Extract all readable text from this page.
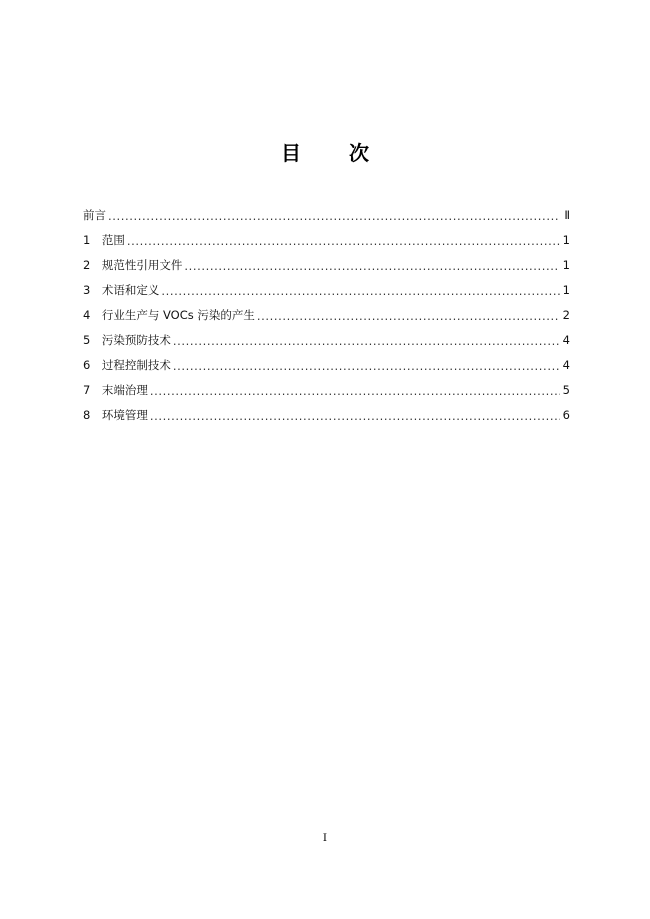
目　次
前言 .....	Ⅱ
1　范围 .....	1
2　规范性引用文件 .....	1
3　术语和定义 .....	1
4　行业生产与 VOCs 污染的产生 .....	2
5　污染预防技术 .....	4
6　过程控制技术 .....	4
7　末端治理 .....	5
8　环境管理 .....	6
I
